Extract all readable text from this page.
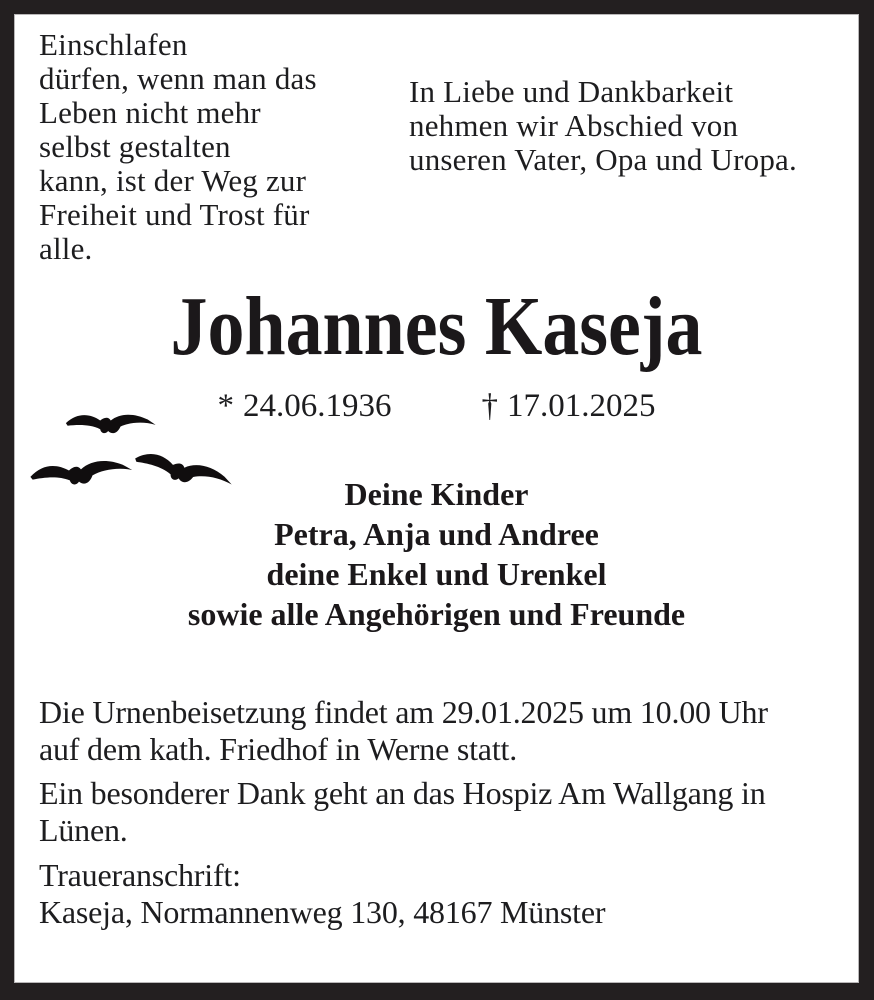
Einschlafen
dürfen, wenn man das
Leben nicht mehr
selbst gestalten
kann, ist der Weg zur
Freiheit und Trost für
alle.
In Liebe und Dankbarkeit
nehmen wir Abschied von
unseren Vater, Opa und Uropa.
Johannes Kaseja
* 24.06.1936	† 17.01.2025
Deine Kinder
Petra, Anja und Andree
deine Enkel und Urenkel
sowie alle Angehörigen und Freunde
Die Urnenbeisetzung findet am 29.01.2025 um 10.00 Uhr
auf dem kath. Friedhof in Werne statt.
Ein besonderer Dank geht an das Hospiz Am Wallgang in
Lünen.
Traueranschrift:
Kaseja, Normannenweg 130, 48167 Münster
